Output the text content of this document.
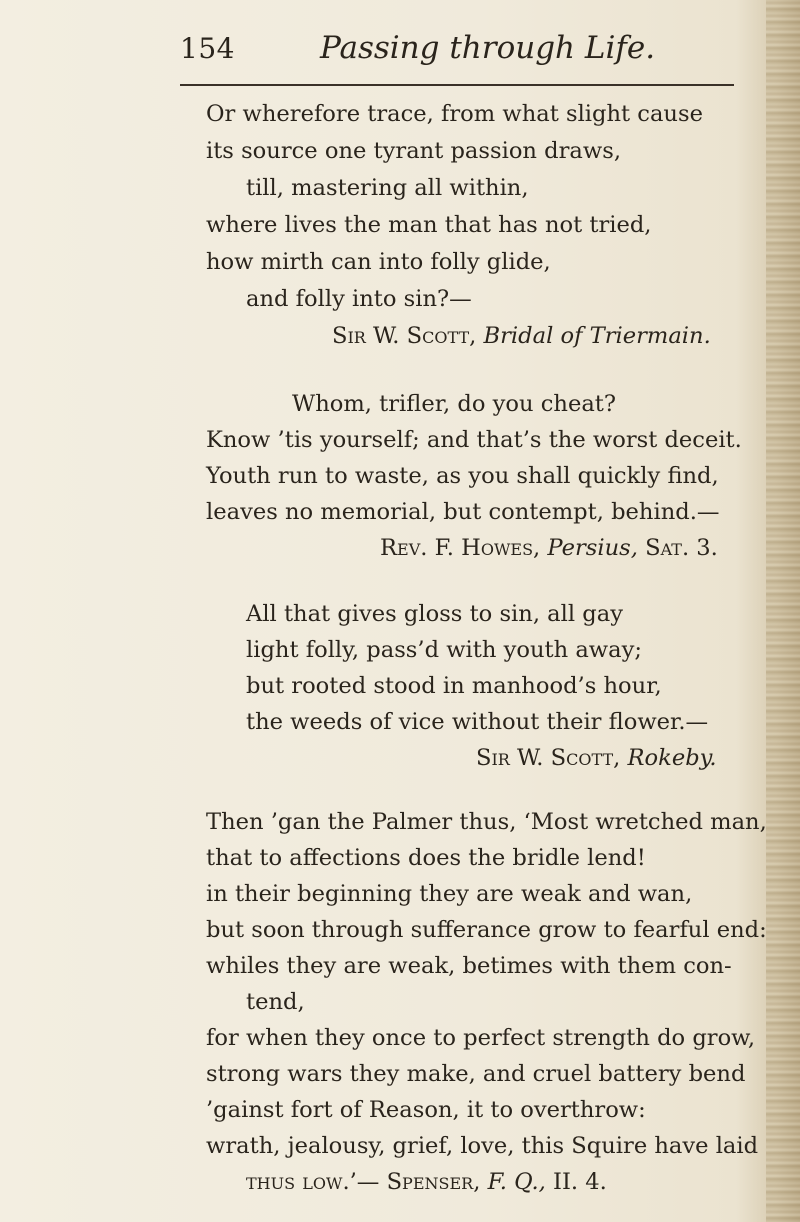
154	Passing through Life.
Or wherefore trace, from what slight cause
its source one tyrant passion draws,
till, mastering all within,
where lives the man that has not tried,
how mirth can into folly glide,
and folly into sin?—
Sir W. Scott, Bridal of Triermain.
Whom, trifler, do you cheat?
Know ’tis yourself; and that’s the worst deceit.
Youth run to waste, as you shall quickly find,
leaves no memorial, but contempt, behind.—
Rev. F. Howes, Persius, Sat. 3.
All that gives gloss to sin, all gay
light folly, pass’d with youth away;
but rooted stood in manhood’s hour,
the weeds of vice without their flower.—
Sir W. Scott, Rokeby.
Then ’gan the Palmer thus, ‘Most wretched man,
that to affections does the bridle lend!
in their beginning they are weak and wan,
but soon through sufferance grow to fearful end:
whiles they are weak, betimes with them con-
tend,
for when they once to perfect strength do grow,
strong wars they make, and cruel battery bend
’gainst fort of Reason, it to overthrow:
wrath, jealousy, grief, love, this Squire have laid
thus low.’— Spenser, F. Q., II. 4.
